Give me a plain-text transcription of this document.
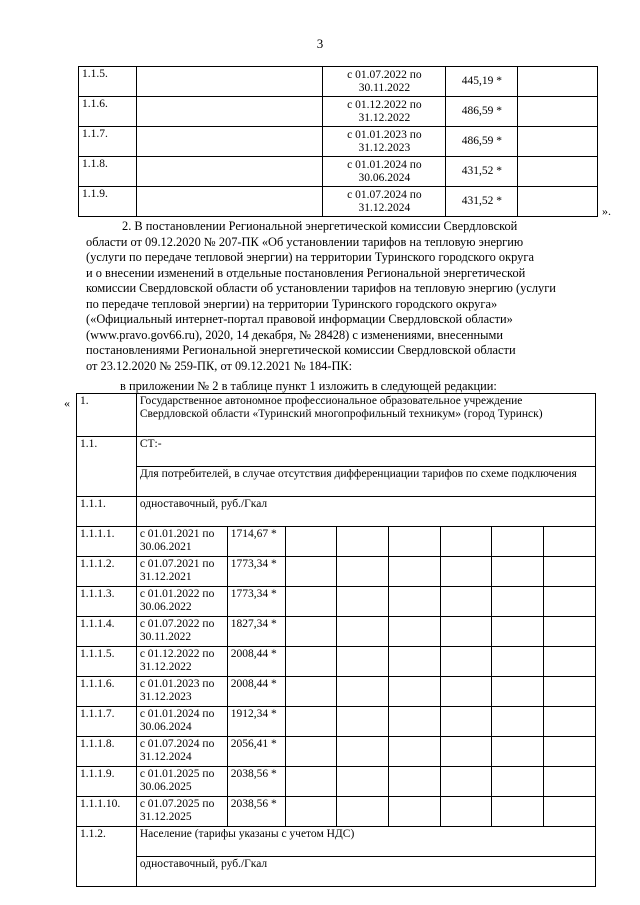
3
1.1.5.		с 01.07.2022 по
30.11.2022	445,19 *	
1.1.6.		с 01.12.2022 по
31.12.2022	486,59 *	
1.1.7.		с 01.01.2023 по
31.12.2023	486,59 *	
1.1.8.		с 01.01.2024 по
30.06.2024	431,52 *	
1.1.9.		с 01.07.2024 по
31.12.2024	431,52 *	
».
2. В постановлении Региональной энергетической комиссии Свердловской
области от 09.12.2020 № 207-ПК «Об установлении тарифов на тепловую энергию
(услуги по передаче тепловой энергии) на территории Туринского городского округа
и о внесении изменений в отдельные постановления Региональной энергетической
комиссии Свердловской области об установлении тарифов на тепловую энергию (услуги
по передаче тепловой энергии) на территории Туринского городского округа»
(«Официальный интернет-портал правовой информации Свердловской области»
(www.pravo.gov66.ru), 2020, 14 декабря, № 28428) с изменениями, внесенными
постановлениями Региональной энергетической комиссии Свердловской области
от 23.12.2020 № 259-ПК, от 09.12.2021 № 184-ПК:
в приложении № 2 в таблице пункт 1 изложить в следующей редакции:
« 1.	Государственное автономное профессиональное образовательное учреждение Свердловской области «Туринский многопрофильный техникум» (город Туринск)							
1.1.	СТ:-							
	Для потребителей, в случае отсутствия дифференциации тарифов по схеме подключения							
1.1.1.	одноставочный, руб./Гкал							
1.1.1.1.	с 01.01.2021 по
30.06.2021	1714,67 *						
1.1.1.2.	с 01.07.2021 по
31.12.2021	1773,34 *						
1.1.1.3.	с 01.01.2022 по
30.06.2022	1773,34 *						
1.1.1.4.	с 01.07.2022 по
30.11.2022	1827,34 *						
1.1.1.5.	с 01.12.2022 по
31.12.2022	2008,44 *						
1.1.1.6.	с 01.01.2023 по
31.12.2023	2008,44 *						
1.1.1.7.	с 01.01.2024 по
30.06.2024	1912,34 *						
1.1.1.8.	с 01.07.2024 по
31.12.2024	2056,41 *						
1.1.1.9.	с 01.01.2025 по
30.06.2025	2038,56 *						
1.1.1.10.	с 01.07.2025 по
31.12.2025	2038,56 *						
1.1.2.	Население (тарифы указаны с учетом НДС)							
	одноставочный, руб./Гкал							
